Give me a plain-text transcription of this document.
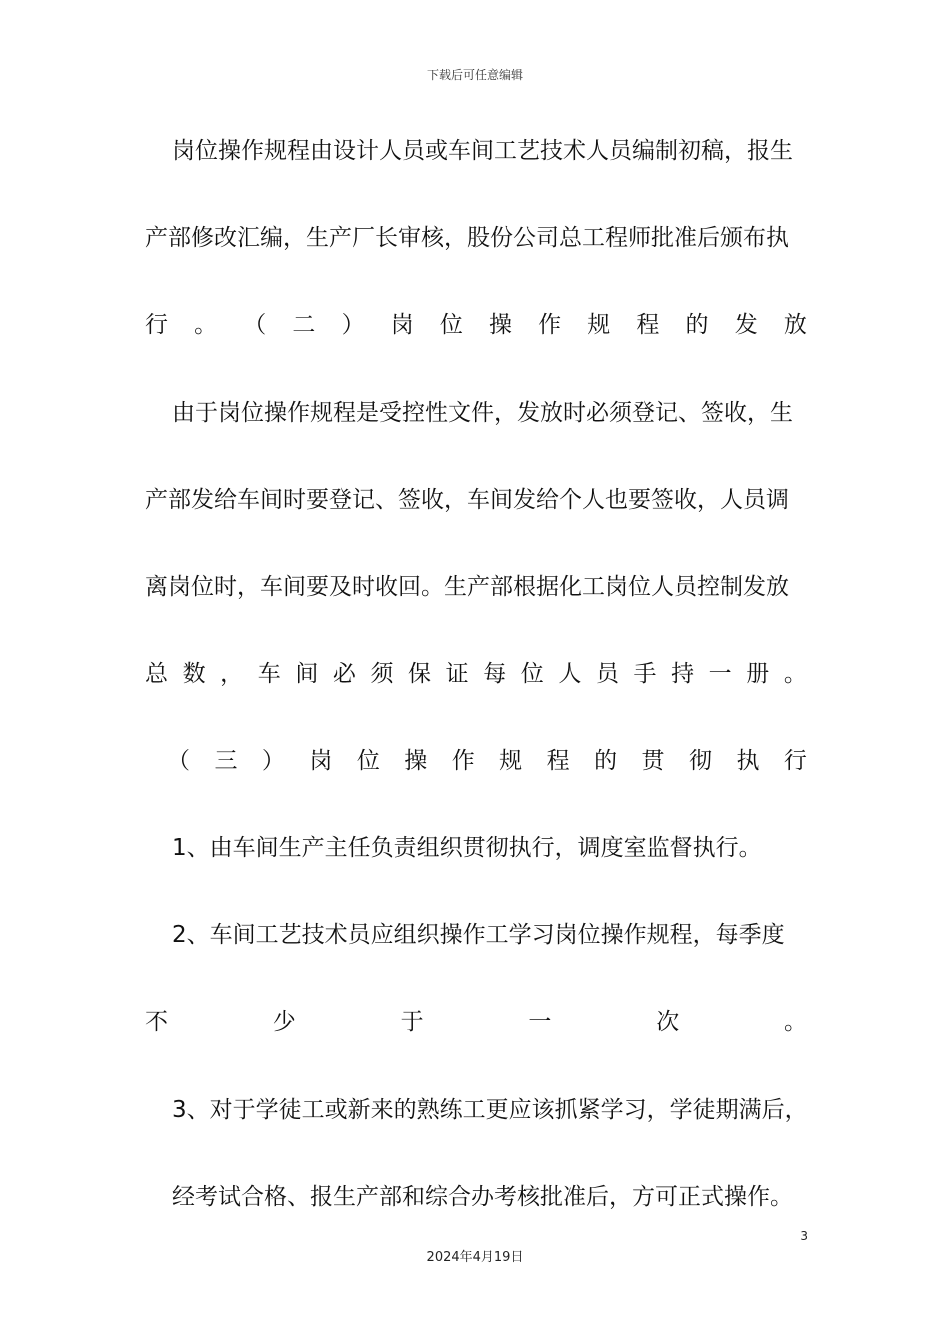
下载后可任意编辑
岗位操作规程由设计人员或车间工艺技术人员编制初稿，报生
产部修改汇编，生产厂长审核，股份公司总工程师批准后颁布执
行 。 （ 二 ） 岗 位 操 作 规 程 的 发 放
由于岗位操作规程是受控性文件，发放时必须登记、签收，生
产部发给车间时要登记、签收，车间发给个人也要签收，人员调
离岗位时，车间要及时收回。生产部根据化工岗位人员控制发放
总 数 ， 车 间 必 须 保 证 每 位 人 员 手 持 一 册 。
（ 三 ） 岗 位 操 作 规 程 的 贯 彻 执 行
1、由车间生产主任负责组织贯彻执行，调度室监督执行。
2、车间工艺技术员应组织操作工学习岗位操作规程，每季度
不	少	于	一	次	。
3、对于学徒工或新来的熟练工更应该抓紧学习，学徒期满后，
经考试合格、报生产部和综合办考核批准后，方可正式操作。
3
2024年4月19日
